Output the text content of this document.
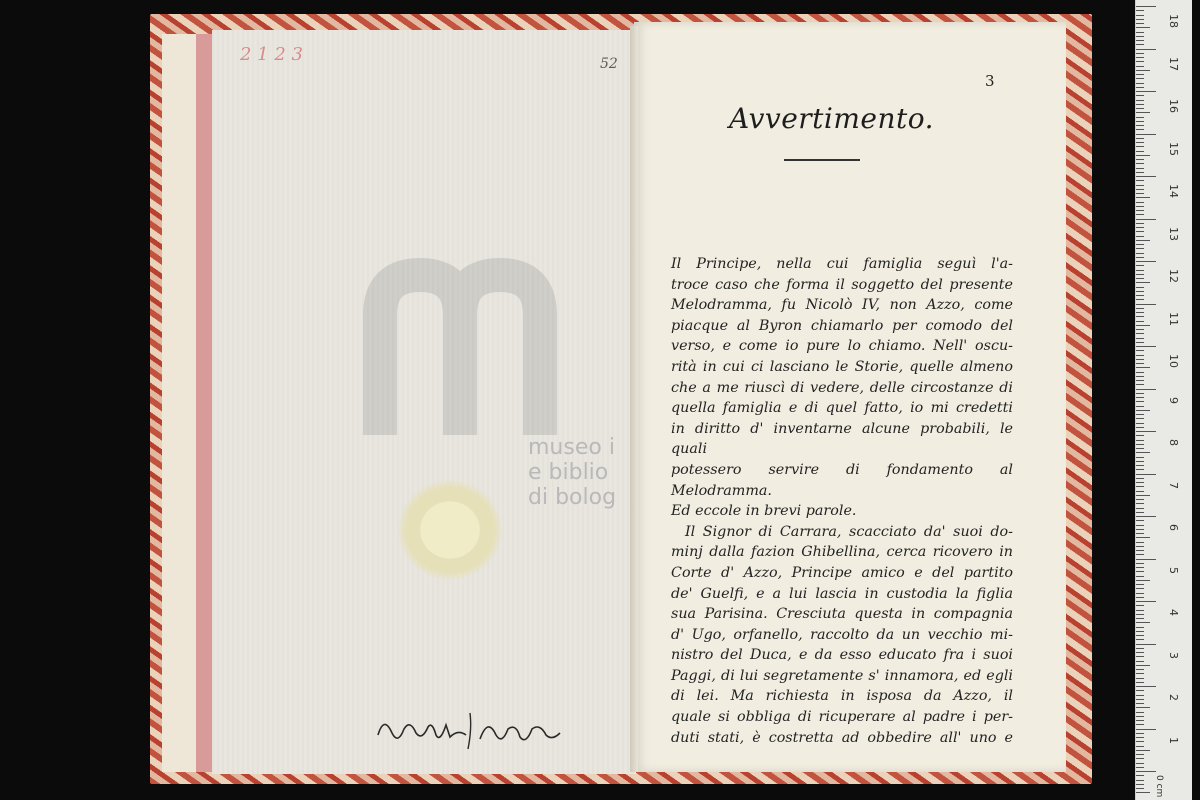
2 1 2 3	52
museo i
e biblio
di bolog
3
Avvertimento.

Il Principe, nella cui famiglia seguì l'a-

troce caso che forma il soggetto del presente

Melodramma, fu Nicolò IV, non Azzo, come

piacque al Byron chiamarlo per comodo del

verso, e come io pure lo chiamo. Nell' oscu-

rità in cui ci lasciano le Storie, quelle almeno

che a me riuscì di vedere, delle circostanze di

quella famiglia e di quel fatto, io mi credetti

in diritto d' inventarne alcune probabili, le quali

potessero servire di fondamento al Melodramma.

Ed eccole in brevi parole.

Il Signor di Carrara, scacciato da' suoi do-

minj dalla fazion Ghibellina, cerca ricovero in

Corte d' Azzo, Principe amico e del partito

de' Guelfi, e a lui lascia in custodia la figlia

sua Parisina. Cresciuta questa in compagnia

d' Ugo, orfanello, raccolto da un vecchio mi-

nistro del Duca, e da esso educato fra i suoi

Paggi, di lui segretamente s' innamora, ed egli

di lei. Ma richiesta in isposa da Azzo, il

quale si obbliga di ricuperare al padre i per-

duti stati, è costretta ad obbedire all' uno e

0 cm
18
17
16
15
14
13
12
11
10
9
8
7
6
5
4
3
2
1
